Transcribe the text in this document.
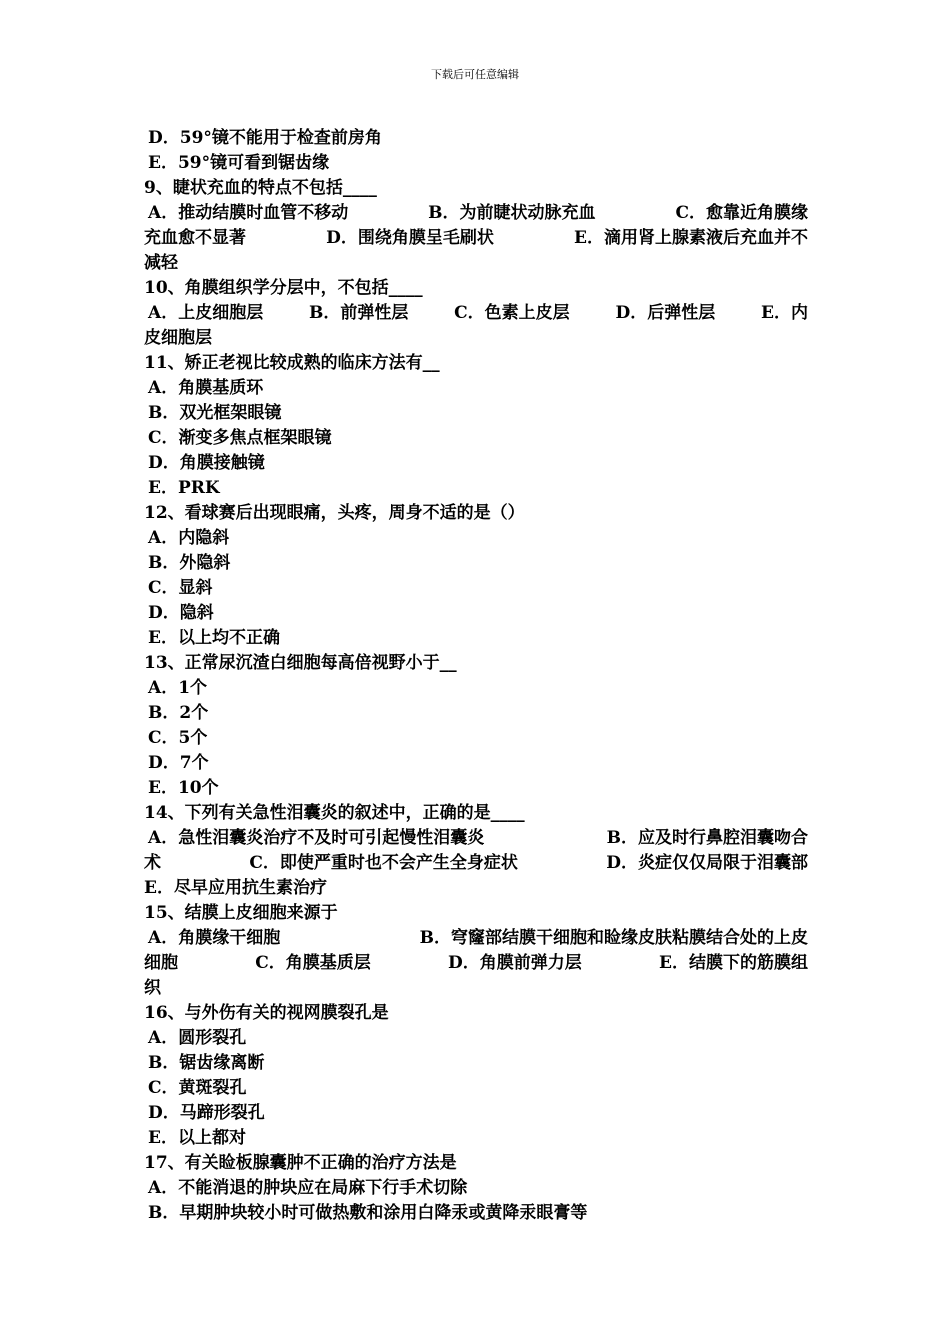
下载后可任意编辑
D．59°镜不能用于检查前房角
E．59°镜可看到锯齿缘
9、睫状充血的特点不包括____
A．推动结膜时血管不移动	B．为前睫状动脉充血	C．愈靠近角膜缘
充血愈不显著	D．围绕角膜呈毛刷状	E．滴用肾上腺素液后充血并不
减轻
10、角膜组织学分层中，不包括____
A．上皮细胞层	B．前弹性层	C．色素上皮层	D．后弹性层	E．内
皮细胞层
11、矫正老视比较成熟的临床方法有__
A．角膜基质环
B．双光框架眼镜
C．渐变多焦点框架眼镜
D．角膜接触镜
E．PRK
12、看球赛后出现眼痛，头疼，周身不适的是（）
A．内隐斜
B．外隐斜
C．显斜
D．隐斜
E．以上均不正确
13、正常尿沉渣白细胞每高倍视野小于__
A．1个
B．2个
C．5个
D．7个
E．10个
14、下列有关急性泪囊炎的叙述中，正确的是____
A．急性泪囊炎治疗不及时可引起慢性泪囊炎	B．应及时行鼻腔泪囊吻合
术	C．即使严重时也不会产生全身症状	D．炎症仅仅局限于泪囊部
E．尽早应用抗生素治疗
15、结膜上皮细胞来源于
A．角膜缘干细胞	B．穹窿部结膜干细胞和睑缘皮肤粘膜结合处的上皮
细胞	C．角膜基质层	D．角膜前弹力层	E．结膜下的筋膜组
织
16、与外伤有关的视网膜裂孔是
A．圆形裂孔
B．锯齿缘离断
C．黄斑裂孔
D．马蹄形裂孔
E．以上都对
17、有关睑板腺囊肿不正确的治疗方法是
A．不能消退的肿块应在局麻下行手术切除
B．早期肿块较小时可做热敷和涂用白降汞或黄降汞眼膏等
